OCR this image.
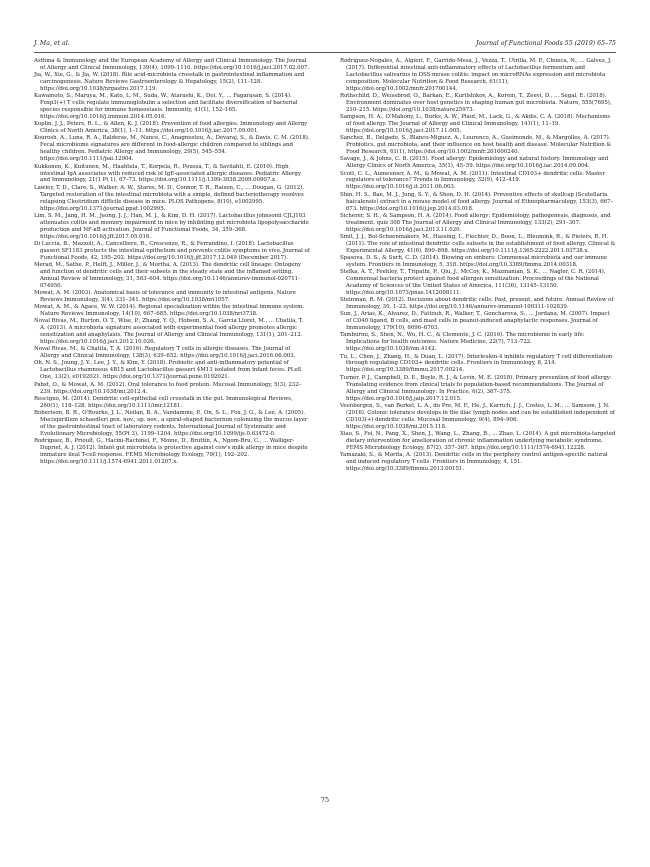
J. Ma, et al.	Journal of Functional Foods 55 (2019) 65–75

Asthma & Immunology and the European Academy of Allergy and Clinical Immunology. The Journal of Allergy and Clinical Immunology, 139(4), 1099–1110. https://doi.org/10.1016/j.jaci.2017.02.007.

Jia, W., Xie, G., & Jia, W. (2018). Bile acid-microbiota crosstalk in gastrointestinal inflammation and carcinogenesis. Nature Reviews Gastroenterology & Hepatology, 15(2), 111–128. https://doi.org/10.1038/nrgastro.2017.119.

Kawamoto, S., Maruya, M., Kato, L. M., Suda, W., Atarashi, K., Doi, Y., ... Fagarasan, S. (2014). Foxp3(+) T cells regulate immunoglobulin a selection and facilitate diversification of bacterial species responsible for immune homeostasis. Immunity, 41(1), 152–165. https://doi.org/10.1016/j.immuni.2014.05.016.

Koplin, J. J., Peters, R. L., & Allen, K. J. (2018). Prevention of food allergies. Immunology and Allergy Clinics of North America, 38(1), 1–11. https://doi.org/10.1016/j.iac.2017.09.001.

Kourosh, A., Luna, R. A., Balderas, M., Nance, C., Anagnostou, A., Devaraj, S., & Davis, C. M. (2018). Fecal microbiome signatures are different in food-allergic children compared to siblings and healthy children. Pediatric Allergy and Immunology, 29(5), 545–554. https://doi.org/10.1111/pai.12904.

Kukkonen, K., Kuitunen, M., Haahtela, T., Korpela, R., Poussa, T., & Savilahti, E. (2010). High intestinal IgA associates with reduced risk of IgE-associated allergic diseases. Pediatric Allergy and Immunology, 21(1 Pt 1), 67–73. https://doi.org/10.1111/j.1399-3038.2009.00907.x.

Lawley, T. D., Clare, S., Walker, A. W., Stares, M. D., Connor, T. R., Raisen, C., ... Dougan, G. (2012). Targeted restoration of the intestinal microbiota with a simple, defined bacteriotherapy resolves relapsing Clostridium difficile disease in mice. PLOS Pathogens, 8(10), e1002995. https://doi.org/10.1371/journal.ppat.1002995.

Lim, S. M., Jang, H. M., Jeong, J. J., Han, M. J., & Kim, D. H. (2017). Lactobacillus johnsonii CJLJ103 attenuates colitis and memory impairment in mice by inhibiting gut microbiota lipopolysaccharide production and NF-κB activation. Journal of Functional Foods, 34, 359–368. https://doi.org/10.1016/j.jff.2017.05.016.

Di Luccia, B., Mazzoli, A., Cancelliere, R., Crescenzo, R., & Ferrandino, I. (2018). Lactobacillus gasseri SF1183 protects the intestinal epithelium and prevents colitis symptoms in vivo. Journal of Functional Foods, 42, 195–202. https://doi.org/10.1016/j.jff.2017.12.049 (December 2017).

Merad, M., Sathe, P., Helft, J., Miller, J., & Mortha, A. (2013). The dendritic cell lineage: Ontogeny and function of dendritic cells and their subsets in the steady state and the inflamed setting. Annual Review of Immunology, 31, 563–604. https://doi.org/10.1146/annurev-immunol-020711-074950.

Mowat, A. M. (2003). Anatomical basis of tolerance and immunity to intestinal antigens. Nature Reviews Immunology, 3(4), 331–341. https://doi.org/10.1038/nri1057.

Mowat, A. M., & Agace, W. W. (2014). Regional specialization within the intestinal immune system. Nature Reviews Immunology, 14(10), 667–685. https://doi.org/10.1038/nri3738.

Noval Rivas, M., Burton, O. T., Wise, P., Zhang, Y. Q., Hobson, S. A., Garcia Lloret, M., ... Chatila, T. A. (2013). A microbiota signature associated with experimental food allergy promotes allergic sensitization and anaphylaxis. The Journal of Allergy and Clinical Immunology, 131(1), 201–212. https://doi.org/10.1016/j.jaci.2012.10.026.

Noval Rivas, M., & Chatila, T. A. (2016). Regulatory T cells in allergic diseases. The Journal of Allergy and Clinical Immunology, 138(3), 639–652. https://doi.org/10.1016/j.jaci.2016.06.003.

Oh, N. S., Joung, J. Y., Lee, J. Y., & Kim, Y. (2018). Probiotic and anti-inflammatory potential of Lactobacillus rhamnosus 4B15 and Lactobacillus gasseri 4M13 isolated from infant feces. PLoS One, 13(2), e0192021. https://doi.org/10.1371/journal.pone.0192021.

Pabst, O., & Mowat, A. M. (2012). Oral tolerance to food protein. Mucosal Immunology, 5(3), 232–239. https://doi.org/10.1038/mi.2012.4.

Rescigno, M. (2014). Dendritic cell-epithelial cell crosstalk in the gut. Immunological Reviews, 260(1), 118–128. https://doi.org/10.1111/imr.12181.

Robertson, B. R., O'Rourke, J. L., Neilan, B. A., Vandamme, P., On, S. L., Fox, J. G., & Lee, A. (2005). Mucispirillum schaedleri gen. nov., sp. nov., a spiral-shaped bacterium colonizing the mucus layer of the gastrointestinal tract of laboratory rodents. International Journal of Systematic and Evolutionary Microbiology, 55(Pt 3), 1199–1204. https://doi.org/10.1099/ijs.0.63472-0.

Rodriguez, B., Prioult, G., Hacini-Rachinel, F., Moine, D., Bruttin, A., Ngom-Bru, C., ... Walliger-Dupriet, A. J. (2012). Infant gut microbiota is protective against cow's milk allergy in mice despite immature ileal T-cell response. FEMS Microbiology Ecology, 79(1), 192–202. https://doi.org/10.1111/j.1574-6941.2011.01207.x.

Rodriguez-Nogales, A., Algieri, F., Garrido-Mesa, J., Vezza, T., Utrilla, M. P., Chueca, N., ... Galvez, J. (2017). Differential intestinal anti-inflammatory effects of Lactobacillus fermentum and Lactobacillus salivarius in DSS mouse colitis: impact on microRNAs expression and microbiota composition. Molecular Nutrition & Food Research, 61(11), https://doi.org/10.1002/mnfr.201700144.

Rothschild, D., Weissbrod, O., Barkan, E., Kurilshikov, A., Korem, T., Zeevi, D., ... Segal, E. (2018). Environment dominates over host genetics in shaping human gut microbiota. Nature, 555(7695), 210–215. https://doi.org/10.1038/nature25973.

Sampson, H. A., O'Mahony, L., Burks, A. W., Plaut, M., Lack, G., & Akdis, C. A. (2018). Mechanisms of food allergy. The Journal of Allergy and Clinical Immunology, 141(1), 11–19. https://doi.org/10.1016/j.jaci.2017.11.005.

Sanchez, B., Delgado, S., Blanco-Miguez, A., Lourenco, A., Gueimonde, M., & Margolles, A. (2017). Probiotics, gut microbiota, and their influence on host health and disease. Molecular Nutrition & Food Research, 61(1), https://doi.org/10.1002/mnfr.201600240.

Savage, J., & Johns, C. B. (2015). Food allergy: Epidemiology and natural history. Immunology and Allergy Clinics of North America, 35(1), 45–59. https://doi.org/10.1016/j.iac.2014.09.004.

Scott, C. L., Aumeunier, A. M., & Mowat, A. M. (2011). Intestinal CD103+ dendritic cells: Master regulators of tolerance? Trends in Immunology, 32(9), 412–419. https://doi.org/10.1016/j.it.2011.06.003.

Shin, H. S., Bae, M. J., Jung, S. Y., & Shon, D. H. (2014). Preventive effects of skullcap (Scutellaria baicalensis) extract in a mouse model of food allergy. Journal of Ethnopharmacology, 153(3), 667–673. https://doi.org/10.1016/j.jep.2014.03.018.

Sicherer, S. H., & Sampson, H. A. (2014). Food allergy: Epidemiology, pathogenesis, diagnosis, and treatment. quiz 308 The Journal of Allergy and Clinical Immunology, 133(2), 291–307. https://doi.org/10.1016/j.jaci.2013.11.020.

Smit, J. J., Bol-Schoenmakers, M., Hassing, I., Fiechter, D., Boon, L., Bleumink, R., & Pieters, R. H. (2011). The role of intestinal dendritic cells subsets in the establishment of food allergy. Clinical & Experimental Allergy, 41(6), 890–898. https://doi.org/10.1111/j.1365-2222.2011.03738.x.

Spasova, D. S., & Surh, C. D. (2014). Blowing on embers: Commensal microbiota and our immune system. Frontiers in Immunology, 5, 318. https://doi.org/10.3389/fimmu.2014.00318.

Stefka, A. T., Feehley, T., Tripathi, P., Qiu, J., McCoy, K., Mazmanian, S. K., ... Nagler, C. R. (2014). Commensal bacteria protect against food allergen sensitization. Proceedings of the National Academy of Sciences of the United States of America, 111(36), 13145–13150. https://doi.org/10.1073/pnas.1412008111.

Steinman, R. M. (2012). Decisions about dendritic cells: Past, present, and future. Annual Review of Immunology, 30, 1–22. https://doi.org/10.1146/annurev-immunol-100311-102839.

Sun, J., Arias, K., Alvarez, D., Fattouh, R., Walker, T., Goncharova, S., ... Jordana, M. (2007). Impact of CD40 ligand, B cells, and mast cells in peanut-induced anaphylactic responses. Journal of Immunology, 179(10), 6696–6703.

Tamburini, S., Shen, N., Wu, H. C., & Clemente, J. C. (2016). The microbiome in early life: Implications for health outcomes. Nature Medicine, 22(7), 713–722. https://doi.org/10.1038/nm.4142.

Tu, L., Chen, J., Zhang, H., & Duan, L. (2017). Interleukin-4 inhibits regulatory T cell differentiation through regulating CD103+ dendritic cells. Frontiers in Immunology, 8, 214. https://doi.org/10.3389/fimmu.2017.00214.

Turner, P. J., Campbell, D. E., Boyle, R. J., & Levin, M. E. (2018). Primary prevention of food allergy: Translating evidence from clinical trials to population-based recommendations. The Journal of Allergy and Clinical Immunology: In Practice, 6(2), 367–375. https://doi.org/10.1016/j.jaip.2017.12.015.

Veenbergen, S., van Berkel, L. A., du Pre, M. F., He, J., Karrich, J. J., Costes, L. M., ... Samsom, J. N. (2016). Colonic tolerance develops in the iliac lymph nodes and can be established independent of CD103(+) dendritic cells. Mucosal Immunology, 9(4), 894–906. https://doi.org/10.1038/mi.2015.118.

Xiao, S., Fei, N., Pang, X., Shen, J., Wang, L., Zhang, B., ... Zhao, L. (2014). A gut microbiota-targeted dietary intervention for amelioration of chronic inflammation underlying metabolic syndrome. FEMS Microbiology Ecology, 87(2), 357–367. https://doi.org/10.1111/1574-6941.12228.

Yamazaki, S., & Morita, A. (2013). Dendritic cells in the periphery control antigen-specific natural and induced regulatory T cells. Frontiers in Immunology, 4, 151. https://doi.org/10.3389/fimmu.2013.00151.

75
